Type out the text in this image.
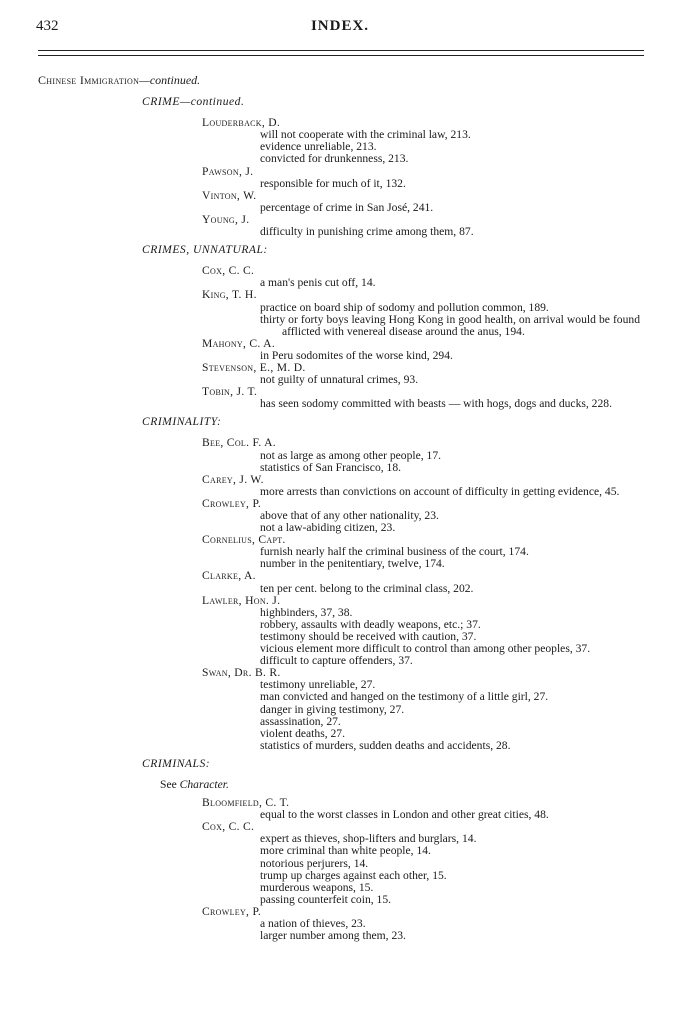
432	INDEX.
Chinese Immigration—continued.
CRIME—continued.
Louderback, D.
will not cooperate with the criminal law, 213.
evidence unreliable, 213.
convicted for drunkenness, 213.
Pawson, J.
responsible for much of it, 132.
Vinton, W.
percentage of crime in San José, 241.
Young, J.
difficulty in punishing crime among them, 87.
CRIMES, UNNATURAL:
Cox, C. C.
a man's penis cut off, 14.
King, T. H.
practice on board ship of sodomy and pollution common, 189.
thirty or forty boys leaving Hong Kong in good health, on arrival would be found afflicted with venereal disease around the anus, 194.
Mahony, C. A.
in Peru sodomites of the worse kind, 294.
Stevenson, E., M. D.
not guilty of unnatural crimes, 93.
Tobin, J. T.
has seen sodomy committed with beasts — with hogs, dogs and ducks, 228.
CRIMINALITY:
Bee, Col. F. A.
not as large as among other people, 17.
statistics of San Francisco, 18.
Carey, J. W.
more arrests than convictions on account of difficulty in getting evidence, 45.
Crowley, P.
above that of any other nationality, 23.
not a law-abiding citizen, 23.
Cornelius, Capt.
furnish nearly half the criminal business of the court, 174.
number in the penitentiary, twelve, 174.
Clarke, A.
ten per cent. belong to the criminal class, 202.
Lawler, Hon. J.
highbinders, 37, 38.
robbery, assaults with deadly weapons, etc.; 37.
testimony should be received with caution, 37.
vicious element more difficult to control than among other peoples, 37.
difficult to capture offenders, 37.
Swan, Dr. B. R.
testimony unreliable, 27.
man convicted and hanged on the testimony of a little girl, 27.
danger in giving testimony, 27.
assassination, 27.
violent deaths, 27.
statistics of murders, sudden deaths and accidents, 28.
CRIMINALS:
See Character.
Bloomfield, C. T.
equal to the worst classes in London and other great cities, 48.
Cox, C. C.
expert as thieves, shop-lifters and burglars, 14.
more criminal than white people, 14.
notorious perjurers, 14.
trump up charges against each other, 15.
murderous weapons, 15.
passing counterfeit coin, 15.
Crowley, P.
a nation of thieves, 23.
larger number among them, 23.
